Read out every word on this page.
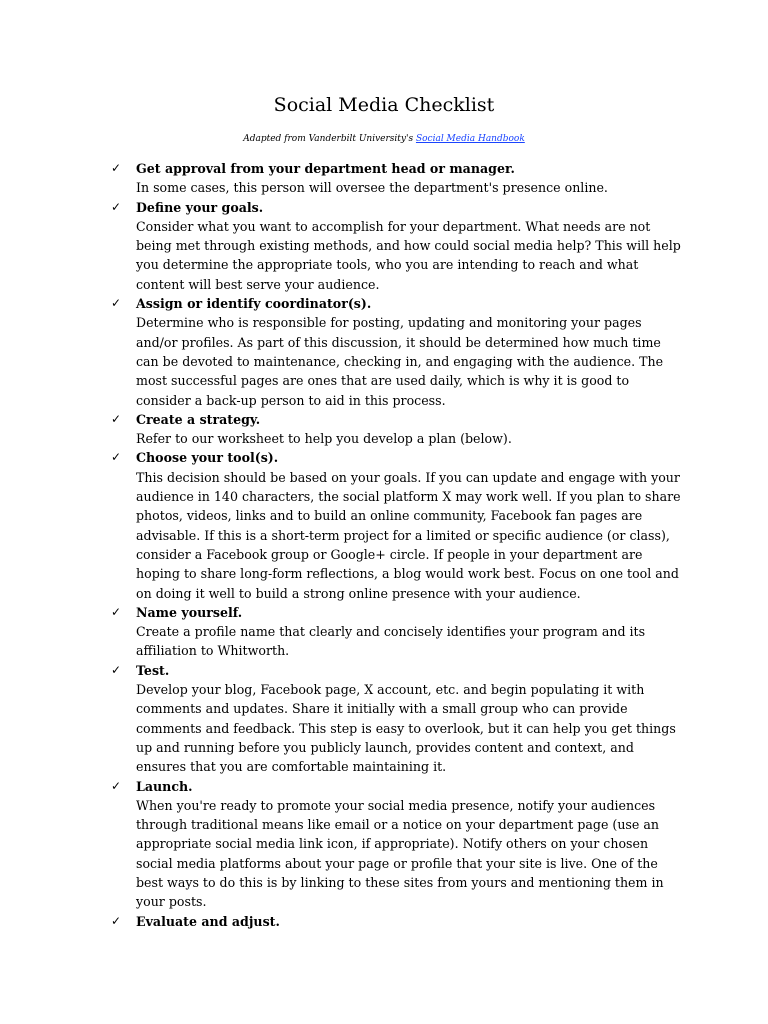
Social Media Checklist
Adapted from Vanderbilt University's Social Media Handbook
✓ Get approval from your department head or manager.
In some cases, this person will oversee the department's presence online.
✓ Define your goals.
Consider what you want to accomplish for your department. What needs are not being met through existing methods, and how could social media help? This will help you determine the appropriate tools, who you are intending to reach and what content will best serve your audience.
✓ Assign or identify coordinator(s).
Determine who is responsible for posting, updating and monitoring your pages and/or profiles. As part of this discussion, it should be determined how much time can be devoted to maintenance, checking in, and engaging with the audience. The most successful pages are ones that are used daily, which is why it is good to consider a back-up person to aid in this process.
✓ Create a strategy.
Refer to our worksheet to help you develop a plan (below).
✓ Choose your tool(s).
This decision should be based on your goals. If you can update and engage with your audience in 140 characters, the social platform X may work well. If you plan to share photos, videos, links and to build an online community, Facebook fan pages are advisable. If this is a short-term project for a limited or specific audience (or class), consider a Facebook group or Google+ circle. If people in your department are hoping to share long-form reflections, a blog would work best. Focus on one tool and on doing it well to build a strong online presence with your audience.
✓ Name yourself.
Create a profile name that clearly and concisely identifies your program and its affiliation to Whitworth.
✓ Test.
Develop your blog, Facebook page, X account, etc. and begin populating it with comments and updates. Share it initially with a small group who can provide comments and feedback. This step is easy to overlook, but it can help you get things up and running before you publicly launch, provides content and context, and ensures that you are comfortable maintaining it.
✓ Launch.
When you're ready to promote your social media presence, notify your audiences through traditional means like email or a notice on your department page (use an appropriate social media link icon, if appropriate). Notify others on your chosen social media platforms about your page or profile that your site is live. One of the best ways to do this is by linking to these sites from yours and mentioning them in your posts.
✓ Evaluate and adjust.
